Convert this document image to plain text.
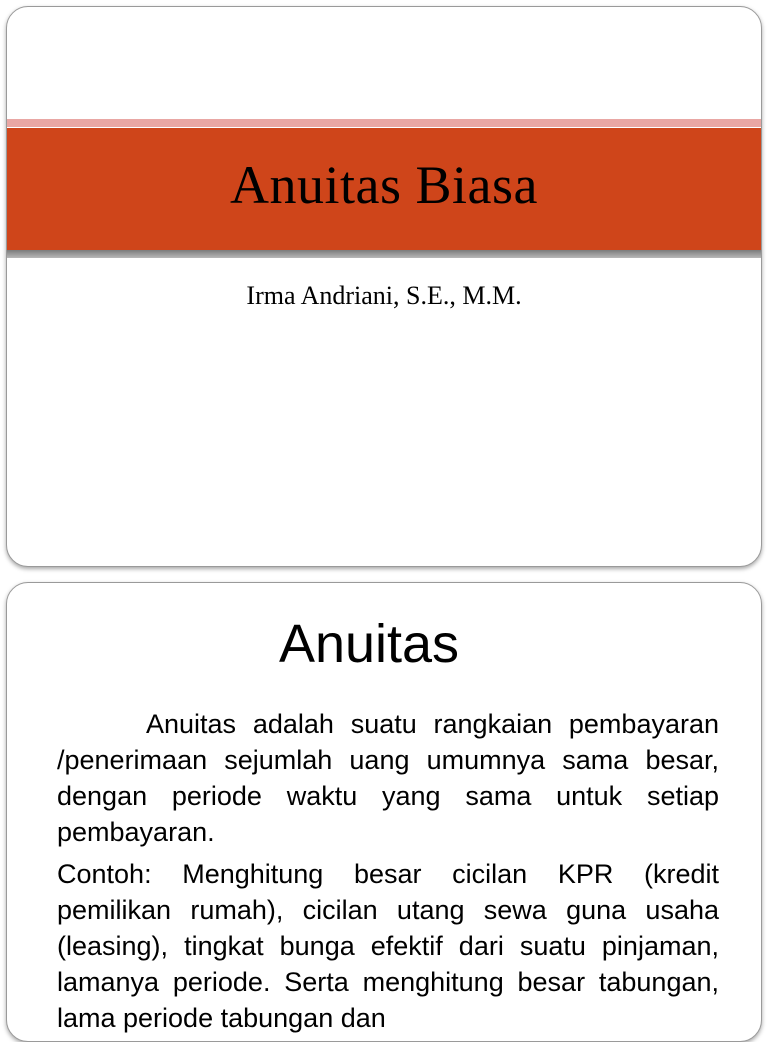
Anuitas Biasa
Irma Andriani, S.E., M.M.
Anuitas

Anuitas adalah suatu rangkaian pembayaran /penerimaan sejumlah uang umumnya sama besar, dengan periode waktu yang sama untuk setiap pembayaran.

Contoh: Menghitung besar cicilan KPR (kredit pemilikan rumah), cicilan utang sewa guna usaha (leasing), tingkat bunga efektif dari suatu pinjaman, lamanya periode. Serta menghitung besar tabungan, lama periode tabungan dan
